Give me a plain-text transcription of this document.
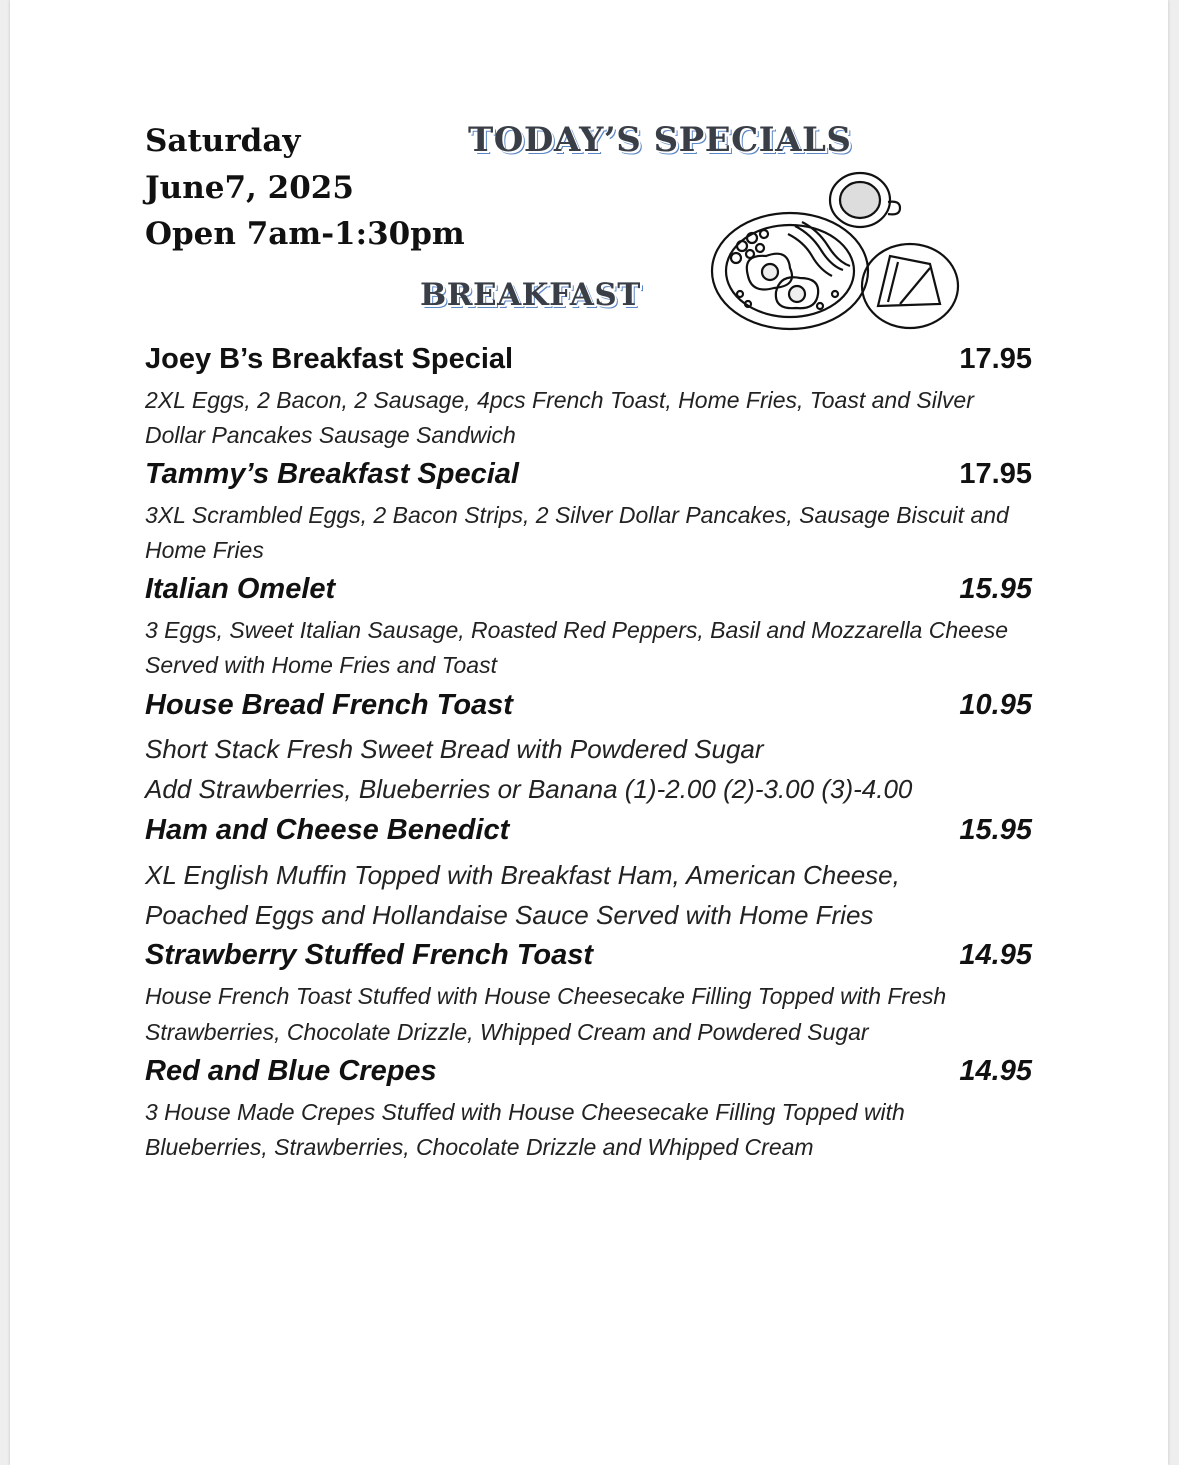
Saturday
June7, 2025
Open 7am-1:30pm
TODAY’S SPECIALS
BREAKFAST
Joey B’s Breakfast Special	17.95
2XL Eggs, 2 Bacon, 2 Sausage, 4pcs French Toast, Home Fries, Toast and Silver
Dollar Pancakes Sausage Sandwich
Tammy’s Breakfast Special	17.95
3XL Scrambled Eggs, 2 Bacon Strips, 2 Silver Dollar Pancakes, Sausage Biscuit and
Home Fries
Italian Omelet	15.95
3 Eggs, Sweet Italian Sausage, Roasted Red Peppers, Basil and Mozzarella Cheese
Served with Home Fries and Toast
House Bread French Toast	10.95
Short Stack Fresh Sweet Bread with Powdered Sugar
Add Strawberries, Blueberries or Banana (1)-2.00 (2)-3.00 (3)-4.00
Ham and Cheese Benedict	15.95
XL English Muffin Topped with Breakfast Ham, American Cheese,
Poached Eggs and Hollandaise Sauce Served with Home Fries
Strawberry Stuffed French Toast	14.95
House French Toast Stuffed with House Cheesecake Filling Topped with Fresh
Strawberries, Chocolate Drizzle, Whipped Cream and Powdered Sugar
Red and Blue Crepes	14.95
3 House Made Crepes Stuffed with House Cheesecake Filling Topped with
Blueberries, Strawberries, Chocolate Drizzle and Whipped Cream
